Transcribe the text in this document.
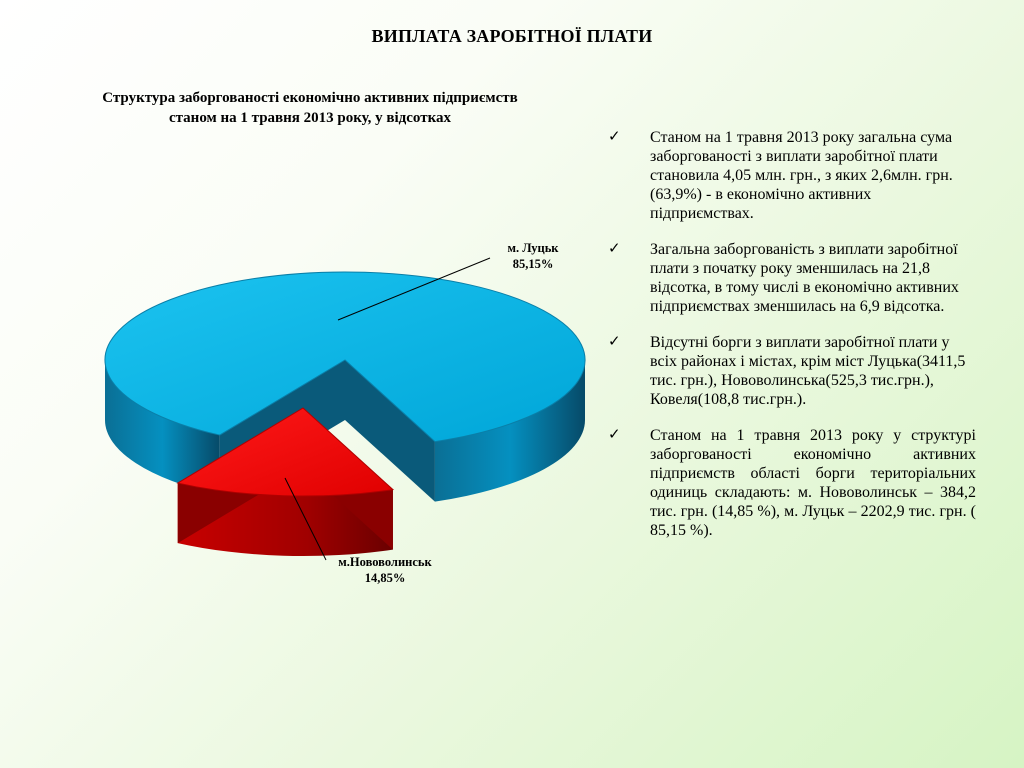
ВИПЛАТА ЗАРОБІТНОЇ ПЛАТИ
Структура заборгованості економічно активних підприємств
станом на 1 травня 2013 року, у відсотках
м. Луцьк
85,15%
м.Нововолинськ
14,85%
✓ Станом на 1 травня 2013 року загальна сума заборгованості з виплати заробітної плати становила 4,05 млн. грн., з яких 2,6млн. грн. (63,9%) - в економічно активних підприємствах.
✓ Загальна заборгованість з виплати заробітної плати з початку року зменшилась на 21,8 відсотка, в тому числі в економічно активних підприємствах зменшилась на 6,9 відсотка.
✓ Відсутні борги з виплати заробітної плати у всіх районах і містах, крім міст Луцька(3411,5 тис. грн.), Нововолинська(525,3 тис.грн.), Ковеля(108,8 тис.грн.).
✓ Станом на 1 травня 2013 року у структурі заборгованості економічно активних підприємств області борги територіальних одиниць складають: м. Нововолинськ – 384,2 тис. грн. (14,85 %), м. Луцьк – 2202,9 тис. грн. ( 85,15 %).
